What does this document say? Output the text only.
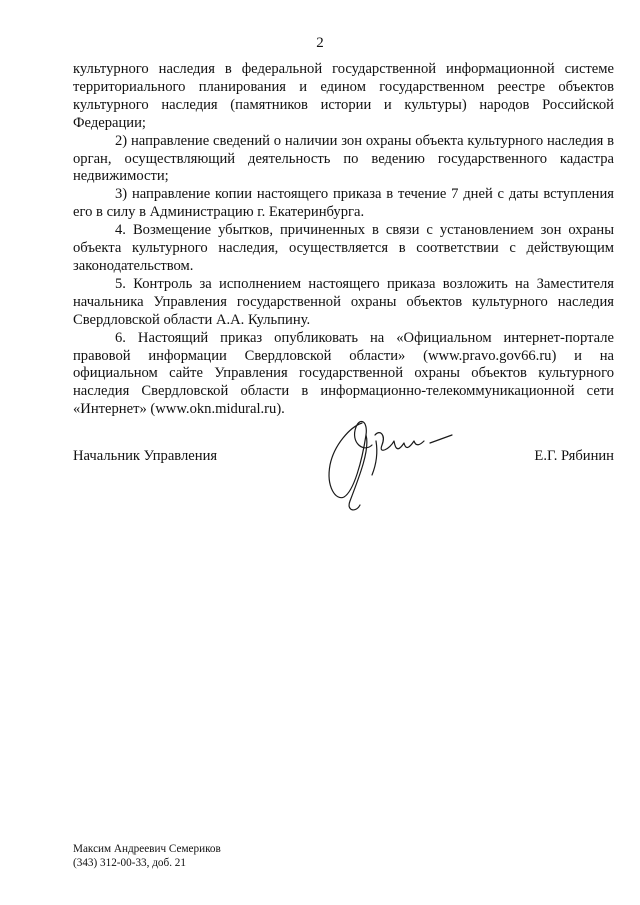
2

культурного наследия в федеральной государственной информационной системе территориального планирования и едином государственном реестре объектов культурного наследия (памятников истории и культуры) народов Российской Федерации;

2) направление сведений о наличии зон охраны объекта культурного наследия в орган, осуществляющий деятельность по ведению государственного кадастра недвижимости;

3) направление копии настоящего приказа в течение 7 дней с даты вступления его в силу в Администрацию г. Екатеринбурга.

4. Возмещение убытков, причиненных в связи с установлением зон охраны объекта культурного наследия, осуществляется в соответствии с действующим законодательством.

5. Контроль за исполнением настоящего приказа возложить на Заместителя начальника Управления государственной охраны объектов культурного наследия Свердловской области А.А. Кульпину.

6. Настоящий приказ опубликовать на «Официальном интернет-портале правовой информации Свердловской области» (www.pravo.gov66.ru) и на официальном сайте Управления государственной охраны объектов культурного наследия Свердловской области в информационно-телекоммуникационной сети «Интернет» (www.okn.midural.ru).

Начальник Управления	Е.Г. Рябинин
Максим Андреевич Семериков
(343) 312-00-33, доб. 21
